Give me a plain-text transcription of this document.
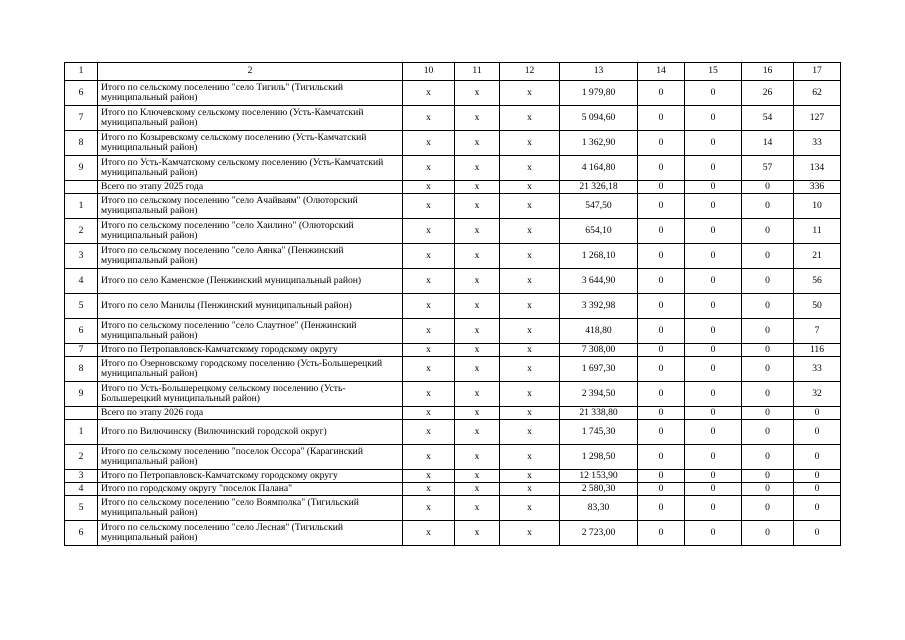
1	2	10	11	12	13	14	15	16	17
6	Итого по сельскому поселению "село Тигиль" (Тигильский муниципальный район)	x	x	x	1 979,80	0	0	26	62
7	Итого по Ключевскому сельскому поселению (Усть-Камчатский муниципальный район)	x	x	x	5 094,60	0	0	54	127
8	Итого по Козыревскому сельскому поселению (Усть-Камчатский муниципальный район)	x	x	x	1 362,90	0	0	14	33
9	Итого по Усть-Камчатскому сельскому поселению (Усть-Камчатский муниципальный район)	x	x	x	4 164,80	0	0	57	134
	Всего по этапу 2025 года	x	x	x	21 326,18	0	0	0	336
1	Итого по сельскому поселению "село Ачайваям" (Олюторский муниципальный район)	x	x	x	547,50	0	0	0	10
2	Итого по сельскому поселению "село Хаилино" (Олюторский муниципальный район)	x	x	x	654,10	0	0	0	11
3	Итого по сельскому поселению "село Аянка" (Пенжинский муниципальный район)	x	x	x	1 268,10	0	0	0	21
4	Итого по село Каменское (Пенжинский муниципальный район)	x	x	x	3 644,90	0	0	0	56
5	Итого по село Манилы (Пенжинский муниципальный район)	x	x	x	3 392,98	0	0	0	50
6	Итого по сельскому поселению "село Слаутное" (Пенжинский муниципальный район)	x	x	x	418,80	0	0	0	7
7	Итого по Петропавловск-Камчатскому городскому округу	x	x	x	7 308,00	0	0	0	116
8	Итого по Озерновскому городскому поселению (Усть-Большерецкий муниципальный район)	x	x	x	1 697,30	0	0	0	33
9	Итого по Усть-Большерецкому сельскому поселению (Усть-Большерецкий муниципальный район)	x	x	x	2 394,50	0	0	0	32
	Всего по этапу 2026 года	x	x	x	21 338,80	0	0	0	0
1	Итого по Вилючинску (Вилючинский городской округ)	x	x	x	1 745,30	0	0	0	0
2	Итого по сельскому поселению "поселок Оссора" (Карагинский муниципальный район)	x	x	x	1 298,50	0	0	0	0
3	Итого по Петропавловск-Камчатскому городскому округу	x	x	x	12 153,90	0	0	0	0
4	Итого по городскому округу "поселок Палана"	x	x	x	2 580,30	0	0	0	0
5	Итого по сельскому поселению "село Воямполка" (Тигильский муниципальный район)	x	x	x	83,30	0	0	0	0
6	Итого по сельскому поселению "село Лесная" (Тигильский муниципальный район)	x	x	x	2 723,00	0	0	0	0
